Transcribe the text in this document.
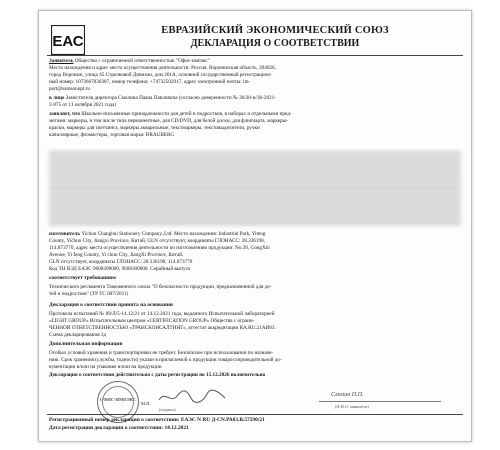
ЕАС
ЕВРАЗИЙСКИЙ ЭКОНОМИЧЕСКИЙ СОЮЗ
ДЕКЛАРАЦИЯ О СООТВЕТСТВИИ
Заявитель Общество с ограниченной ответственностью "Офис-импэкс"
Место нахождения и адрес места осуществления деятельности: Россия, Воронежская область, 394026,
город Воронеж, улица 45 Стрелковой Дивизии, дом 261А, основной государственный регистрацион-
ный номер: 1073667036387, номер телефона: +74732502917, адрес электронной почты: im-
port@samsonopt.ru
в лице Заместителя директора Смолина Павла Павловича (согласно доверенности № 36/30-н/36-2021-
2-875 от 11 октября 2021 года)
заявляет, что Школьно-письменные принадлежности для детей и подростков, в наборах и отдельными пред-
метами: маркеры, в том числе типа перманентные, для CD/DVD, для белой доски, для флипчарта, маркеры-
краски, маркеры для скетчинга, маркеры акварельные, текстмаркеры, текстовыделители, ручки
капиллярные, фломастеры, торговая марка: BRAUBERG
изготовитель Yichun Changhui Stationery Company.,Ltd. Место нахождения: Industrial Park, Yiteng
County, Yichun City, Jiangxi Province, Китай, GLN отсутствует, координаты ГЛОНАСС: 28.336198,
114.873770, адрес места осуществления деятельности по изготовлению продукции: No.30, GongXin
Avenue, Yi feng County, Yi chun City, JiangXi Province, Китай.
GLN отсутствует, координаты ГЛОНАСС: 28.336198, 114.873770
Код ТН ВЭД ЕАЭС 9608200000, 9608300000. Серийный выпуск
соответствует требованиям
Технического регламента Таможенного союза "О безопасности продукции, предназначенной для де-
тей и подростков" (ТР ТС 007/2011)
Декларация о соответствии принята на основании
Протокола испытаний № 89/Л/5-14.12/21 от 14.12.2021 года, выданного Испытательной лабораторией
«LIGHT GROUP» Испытательным центром «CERTIFICATION GROUP» Общества с ограни-
ЧЕННОЙ ОТВЕТСТВЕННОСТЬЮ «ТРАНСКОНСАЛТИНГ», аттестат аккредитации RA.RU.21АИ83.
Схема декларирования 3д
Дополнительная информация
Особых условий хранения и транспортировки не требует. Безопасное при использовании по назначе-
нию. Срок хранения (службы, годности) указан в прилагаемой к продукции товаросопроводительной до-
кументации и/или на упаковке и/или на продукции
Декларация о соответствии действительна с даты регистрации по 15.12.2026 включительно
ОФИС-ИМПЭКС
М.П.
(подпись)
Смолин П.П.
(Ф.И.О. заявителя)
Регистрационный номер декларации о соответствии: ЕАЭС N RU Д-CN.РА03.В.57590/21
Дата регистрации декларации о соответствии: 14.12.2021
